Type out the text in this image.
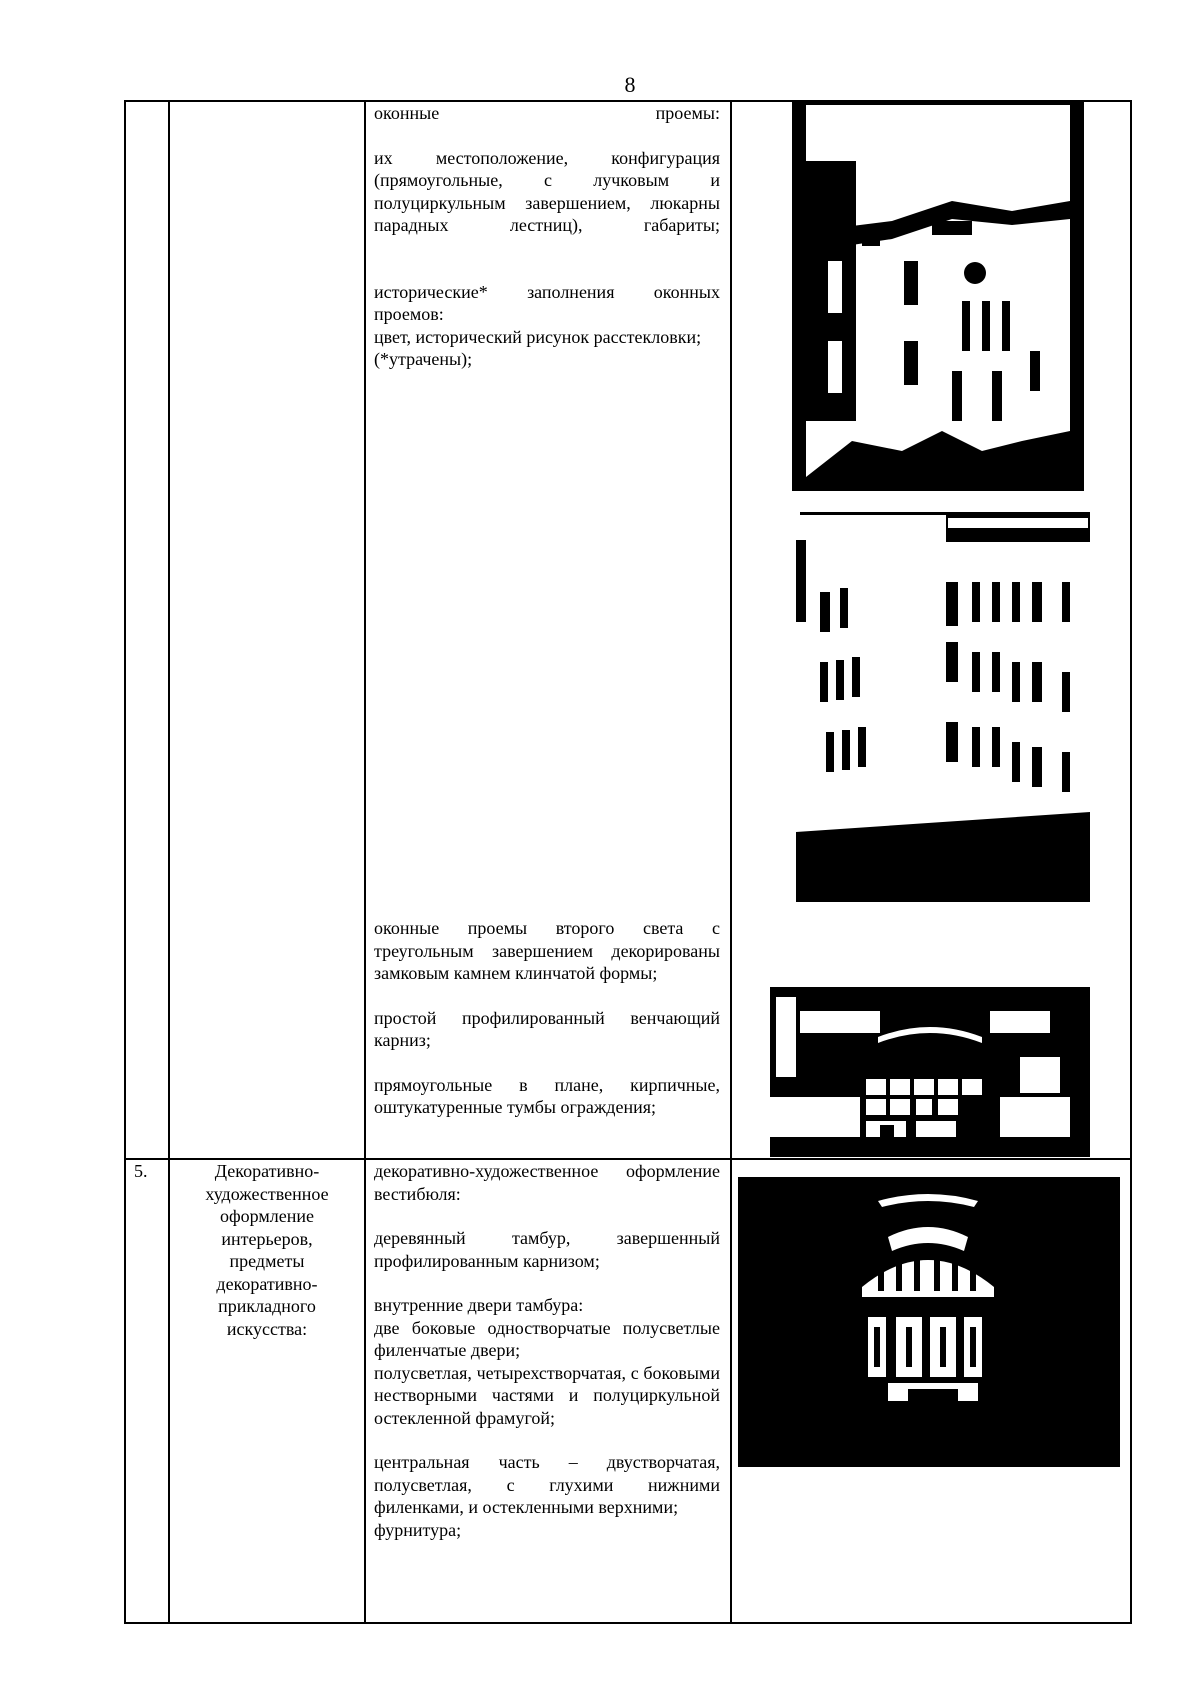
8

оконные проемы:

их местоположение, конфигурация (прямоугольные, с лучковым и полуциркульным завершением, люкарны парадных лестниц), габариты;

исторические* заполнения оконных проемов:

цвет, исторический рисунок расстекловки;

(*утрачены);

оконные проемы второго света с треугольным завершением декорированы замковым камнем клинчатой формы;

простой профилированный венчающий карниз;

прямоугольные в плане, кирпичные, оштукатуренные тумбы ограждения;

5.	Декоративно-художественное оформление интерьеров, предметы декоративно-прикладного искусства:

декоративно-художественное оформление вестибюля:

деревянный тамбур, завершенный профилированным карнизом;

внутренние двери тамбура:

две боковые одностворчатые полусветлые филенчатые двери;

полусветлая, четырехстворчатая, с боковыми нестворными частями и полуциркульной остекленной фрамугой;

центральная часть – двустворчатая, полусветлая, с глухими нижними филенками, и остекленными верхними;

фурнитура;
